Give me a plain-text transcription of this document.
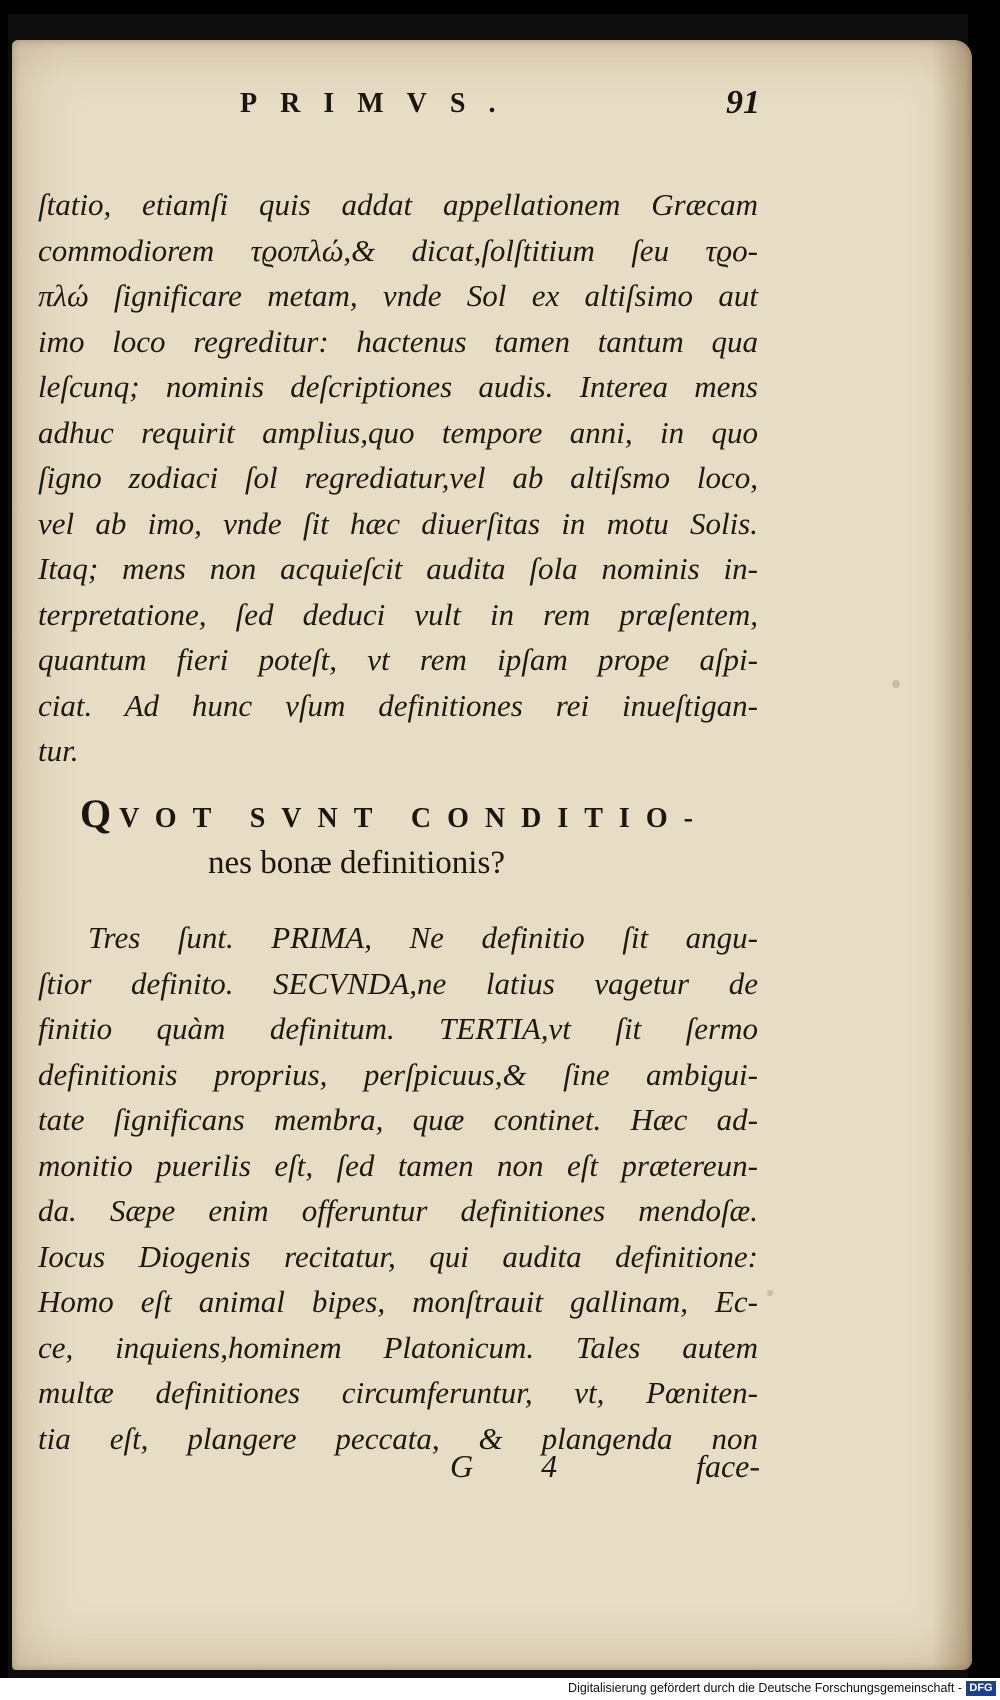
PRIMVS.	91
ſtatio, etiamſi quis addat appellationem Græcam
commodiorem τϱοπλώ,& dicat,ſolſtitium ſeu τϱο-
πλώ ſignificare metam, vnde Sol ex altiſsimo aut
imo loco regreditur: hactenus tamen tantum qua
leſcunq; nominis deſcriptiones audis. Interea mens
adhuc requirit amplius,quo tempore anni, in quo
ſigno zodiaci ſol regrediatur,vel ab altiſsmo loco,
vel ab imo, vnde ſit hæc diuerſitas in motu Solis.
Itaq; mens non acquieſcit audita ſola nominis in-
terpretatione, ſed deduci vult in rem præſentem,
quantum fieri poteſt, vt rem ipſam prope aſpi-
ciat. Ad hunc vſum definitiones rei inueſtigan-
tur.
QVOT SVNT CONDITIO-
nes bonæ definitionis?
Tres ſunt. PRIMA, Ne definitio ſit angu-
ſtior definito. SECVNDA,ne latius vagetur de
finitio quàm definitum. TERTIA,vt ſit ſermo
definitionis proprius, perſpicuus,& ſine ambigui-
tate ſignificans membra, quæ continet. Hæc ad-
monitio puerilis eſt, ſed tamen non eſt prætereun-
da. Sæpe enim offeruntur definitiones mendoſæ.
Iocus Diogenis recitatur, qui audita definitione:
Homo eſt animal bipes, monſtrauit gallinam, Ec-
ce, inquiens,hominem Platonicum. Tales autem
multæ definitiones circumferuntur, vt, Pœniten-
tia eſt, plangere peccata, & plangenda non
G 4	face-
Digitalisierung gefördert durch die Deutsche Forschungsgemeinschaft - DFG
